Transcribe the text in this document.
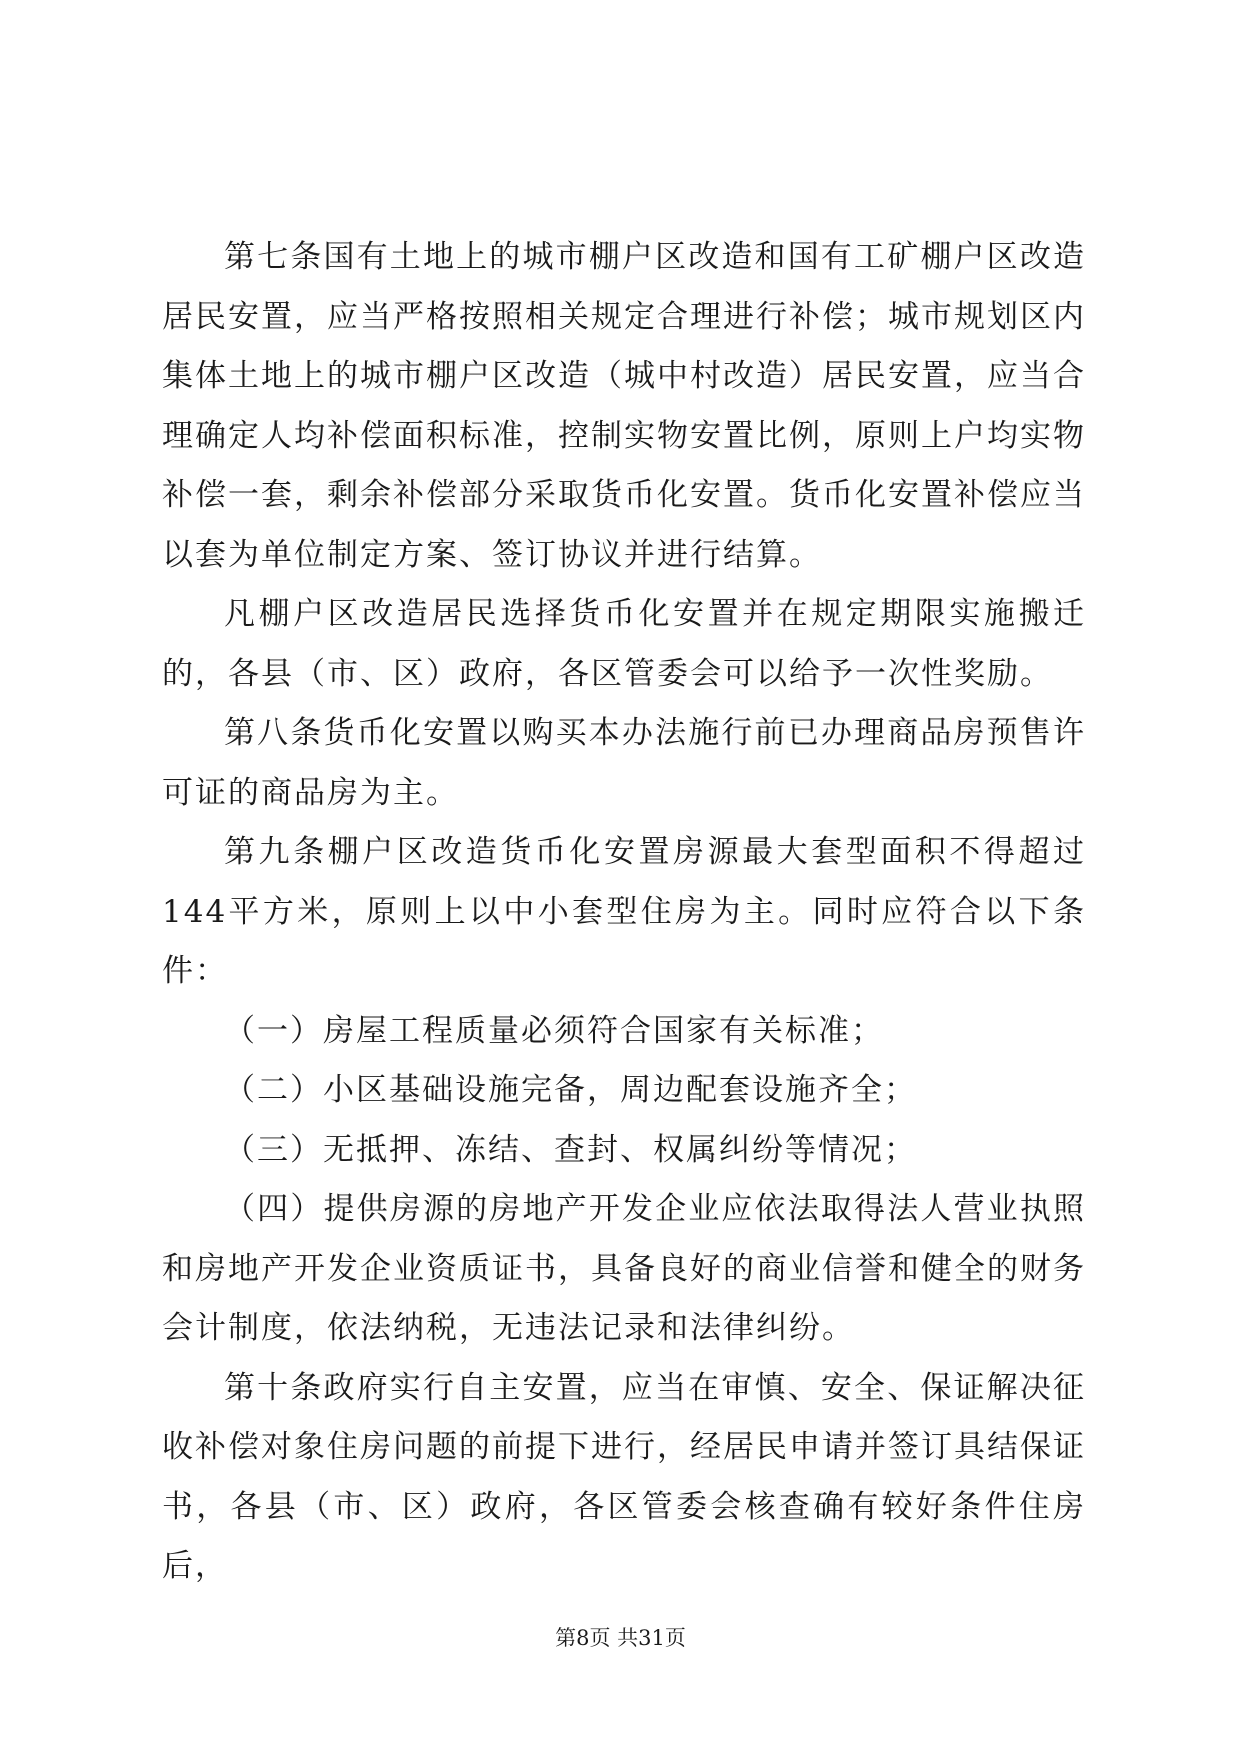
第七条国有土地上的城市棚户区改造和国有工矿棚户区改造居民安置，应当严格按照相关规定合理进行补偿；城市规划区内集体土地上的城市棚户区改造（城中村改造）居民安置，应当合理确定人均补偿面积标准，控制实物安置比例，原则上户均实物补偿一套，剩余补偿部分采取货币化安置。货币化安置补偿应当以套为单位制定方案、签订协议并进行结算。

凡棚户区改造居民选择货币化安置并在规定期限实施搬迁的，各县（市、区）政府，各区管委会可以给予一次性奖励。

第八条货币化安置以购买本办法施行前已办理商品房预售许可证的商品房为主。

第九条棚户区改造货币化安置房源最大套型面积不得超过144平方米，原则上以中小套型住房为主。同时应符合以下条件：

（一）房屋工程质量必须符合国家有关标准；

（二）小区基础设施完备，周边配套设施齐全；

（三）无抵押、冻结、查封、权属纠纷等情况；

（四）提供房源的房地产开发企业应依法取得法人营业执照和房地产开发企业资质证书，具备良好的商业信誉和健全的财务会计制度，依法纳税，无违法记录和法律纠纷。

第十条政府实行自主安置，应当在审慎、安全、保证解决征收补偿对象住房问题的前提下进行，经居民申请并签订具结保证书，各县（市、区）政府，各区管委会核查确有较好条件住房后，

第8页 共31页
